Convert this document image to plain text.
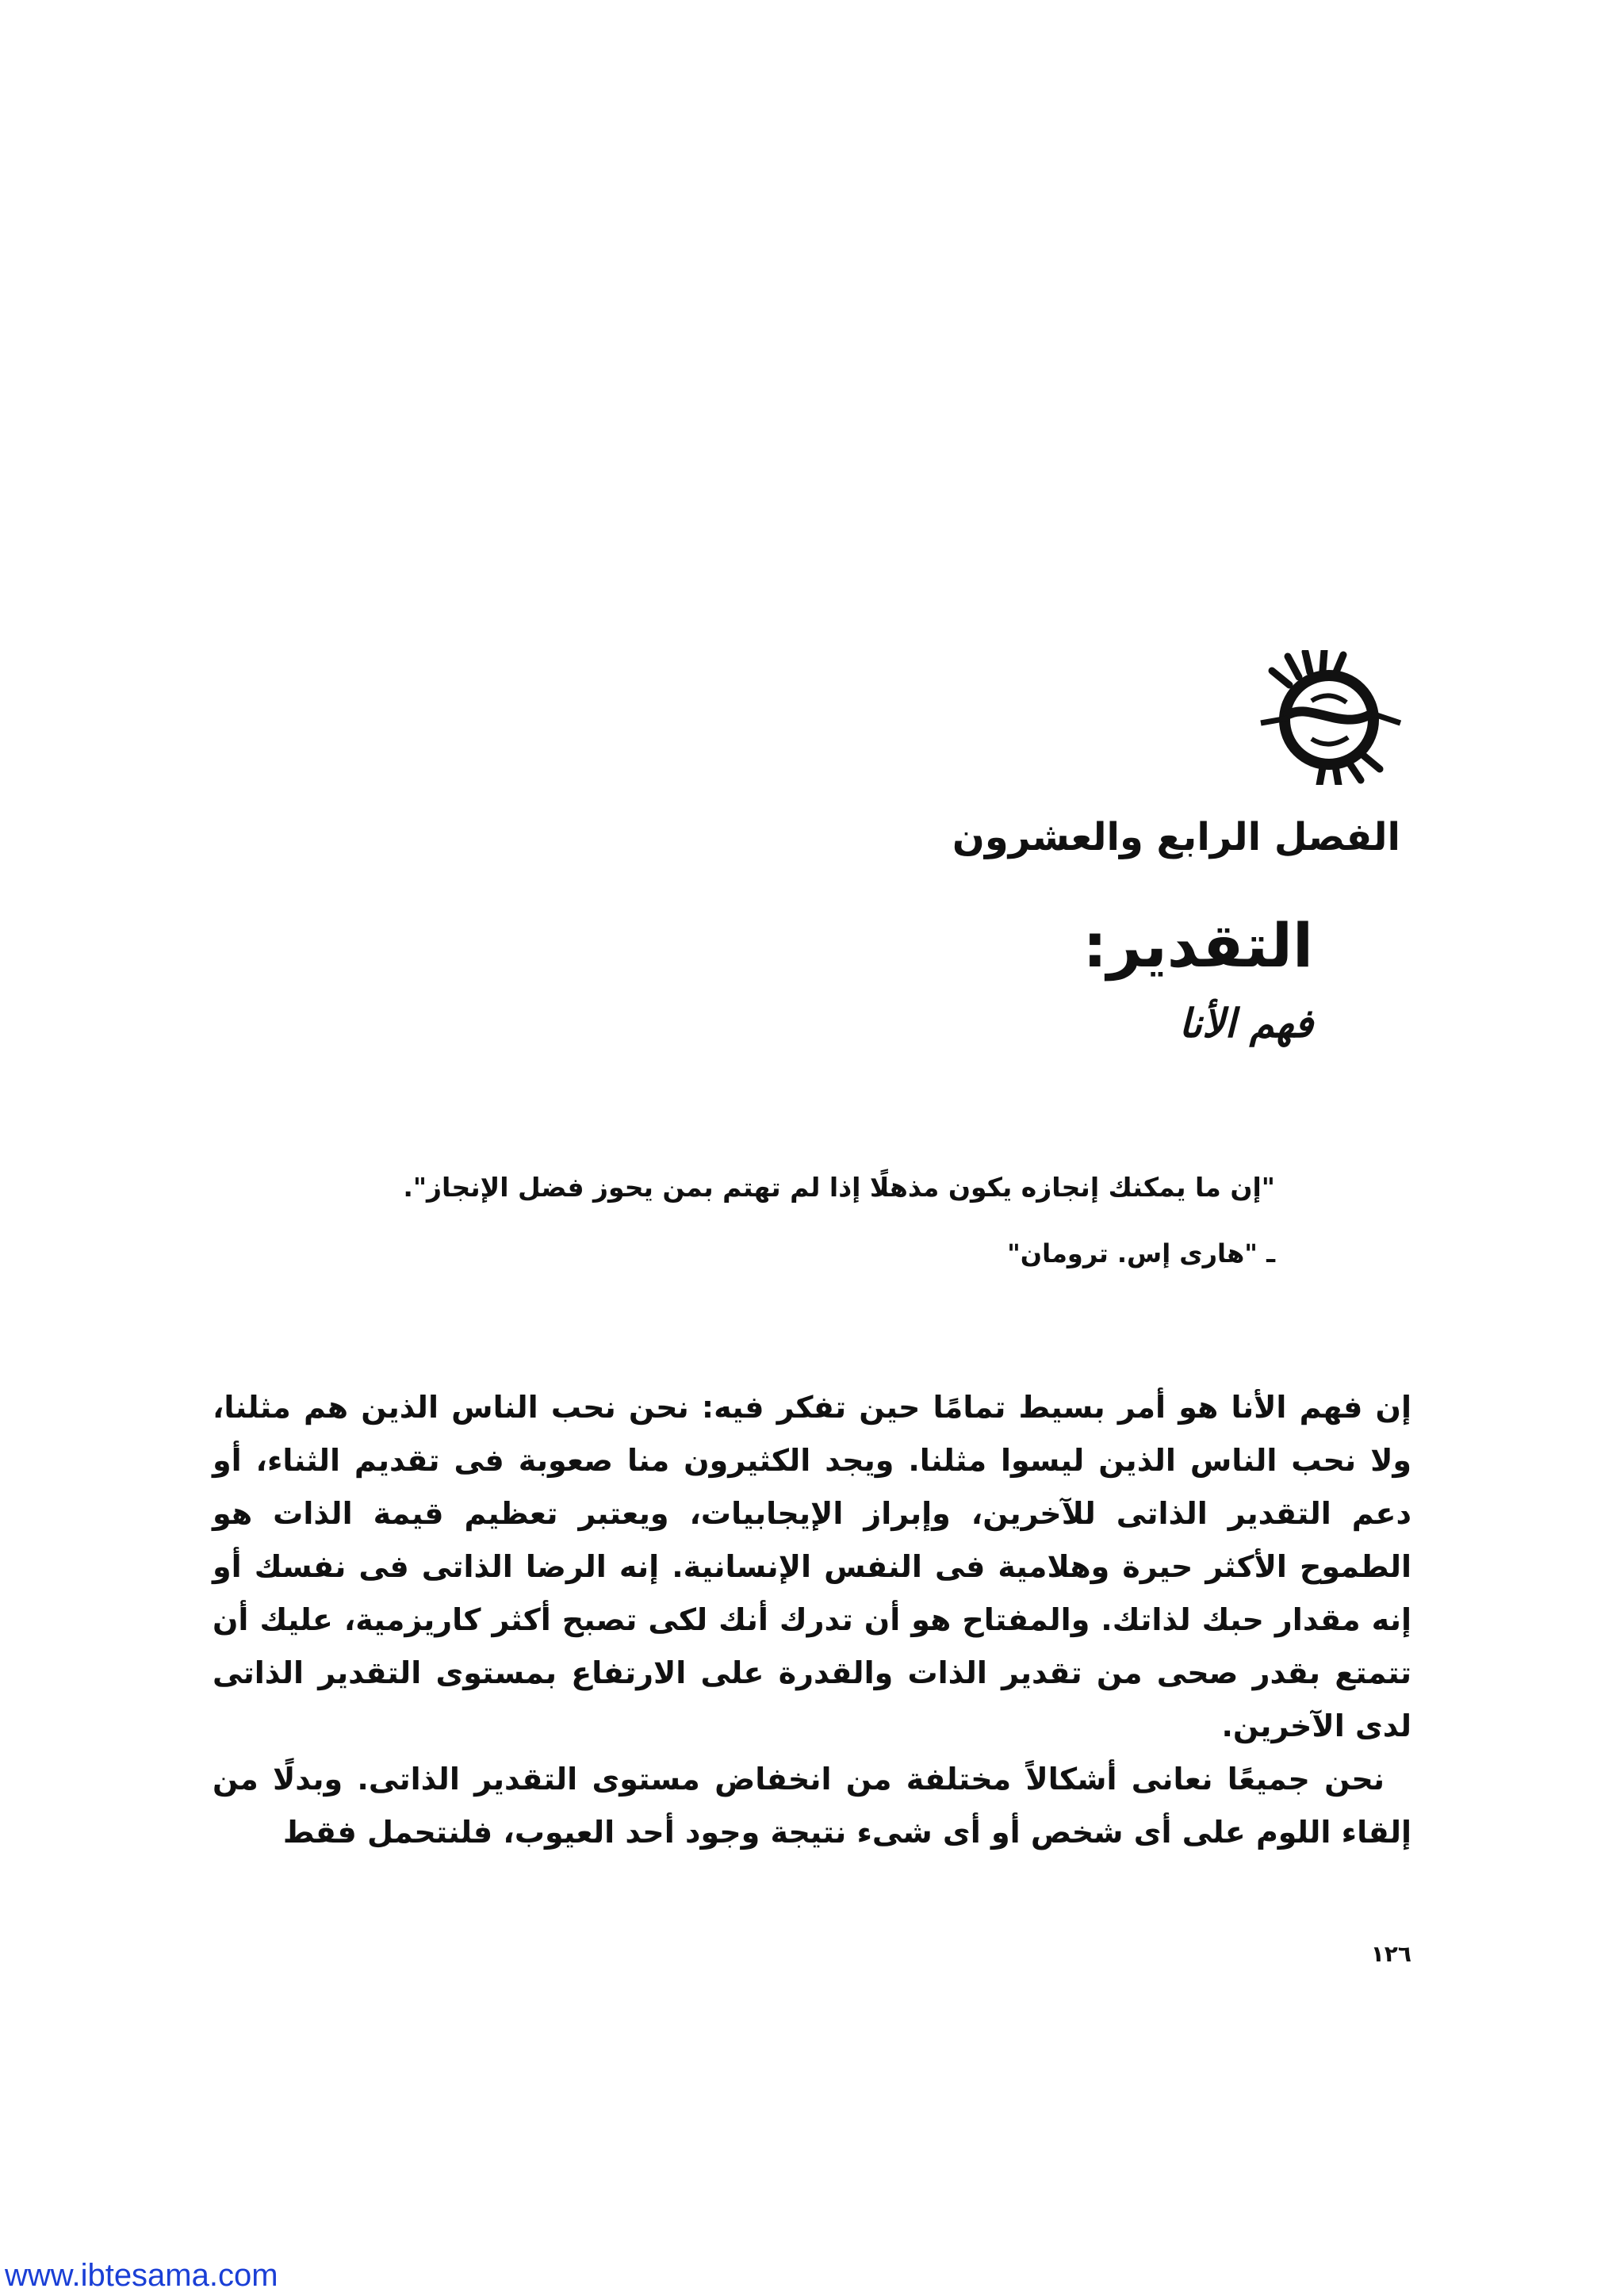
الفصل الرابع والعشرون
التقدير:
فهم الأنا
"إن ما يمكنك إنجازه يكون مذهلًا إذا لم تهتم بمن يحوز فضل الإنجاز".
ـ "هارى إس. ترومان"

إن فهم الأنا هو أمر بسيط تمامًا حين تفكر فيه: نحن نحب الناس الذين هم مثلنا، ولا نحب الناس الذين ليسوا مثلنا. ويجد الكثيرون منا صعوبة فى تقديم الثناء، أو دعم التقدير الذاتى للآخرين، وإبراز الإيجابيات، ويعتبر تعظيم قيمة الذات هو الطموح الأكثر حيرة وهلامية فى النفس الإنسانية. إنه الرضا الذاتى فى نفسك أو إنه مقدار حبك لذاتك. والمفتاح هو أن تدرك أنك لكى تصبح أكثر كاريزمية، عليك أن تتمتع بقدر صحى من تقدير الذات والقدرة على الارتفاع بمستوى التقدير الذاتى لدى الآخرين.

نحن جميعًا نعانى أشكالاً مختلفة من انخفاض مستوى التقدير الذاتى. وبدلًا من إلقاء اللوم على أى شخص أو أى شىء نتيجة وجود أحد العيوب، فلنتحمل فقط

١٢٦
www.ibtesama.com
